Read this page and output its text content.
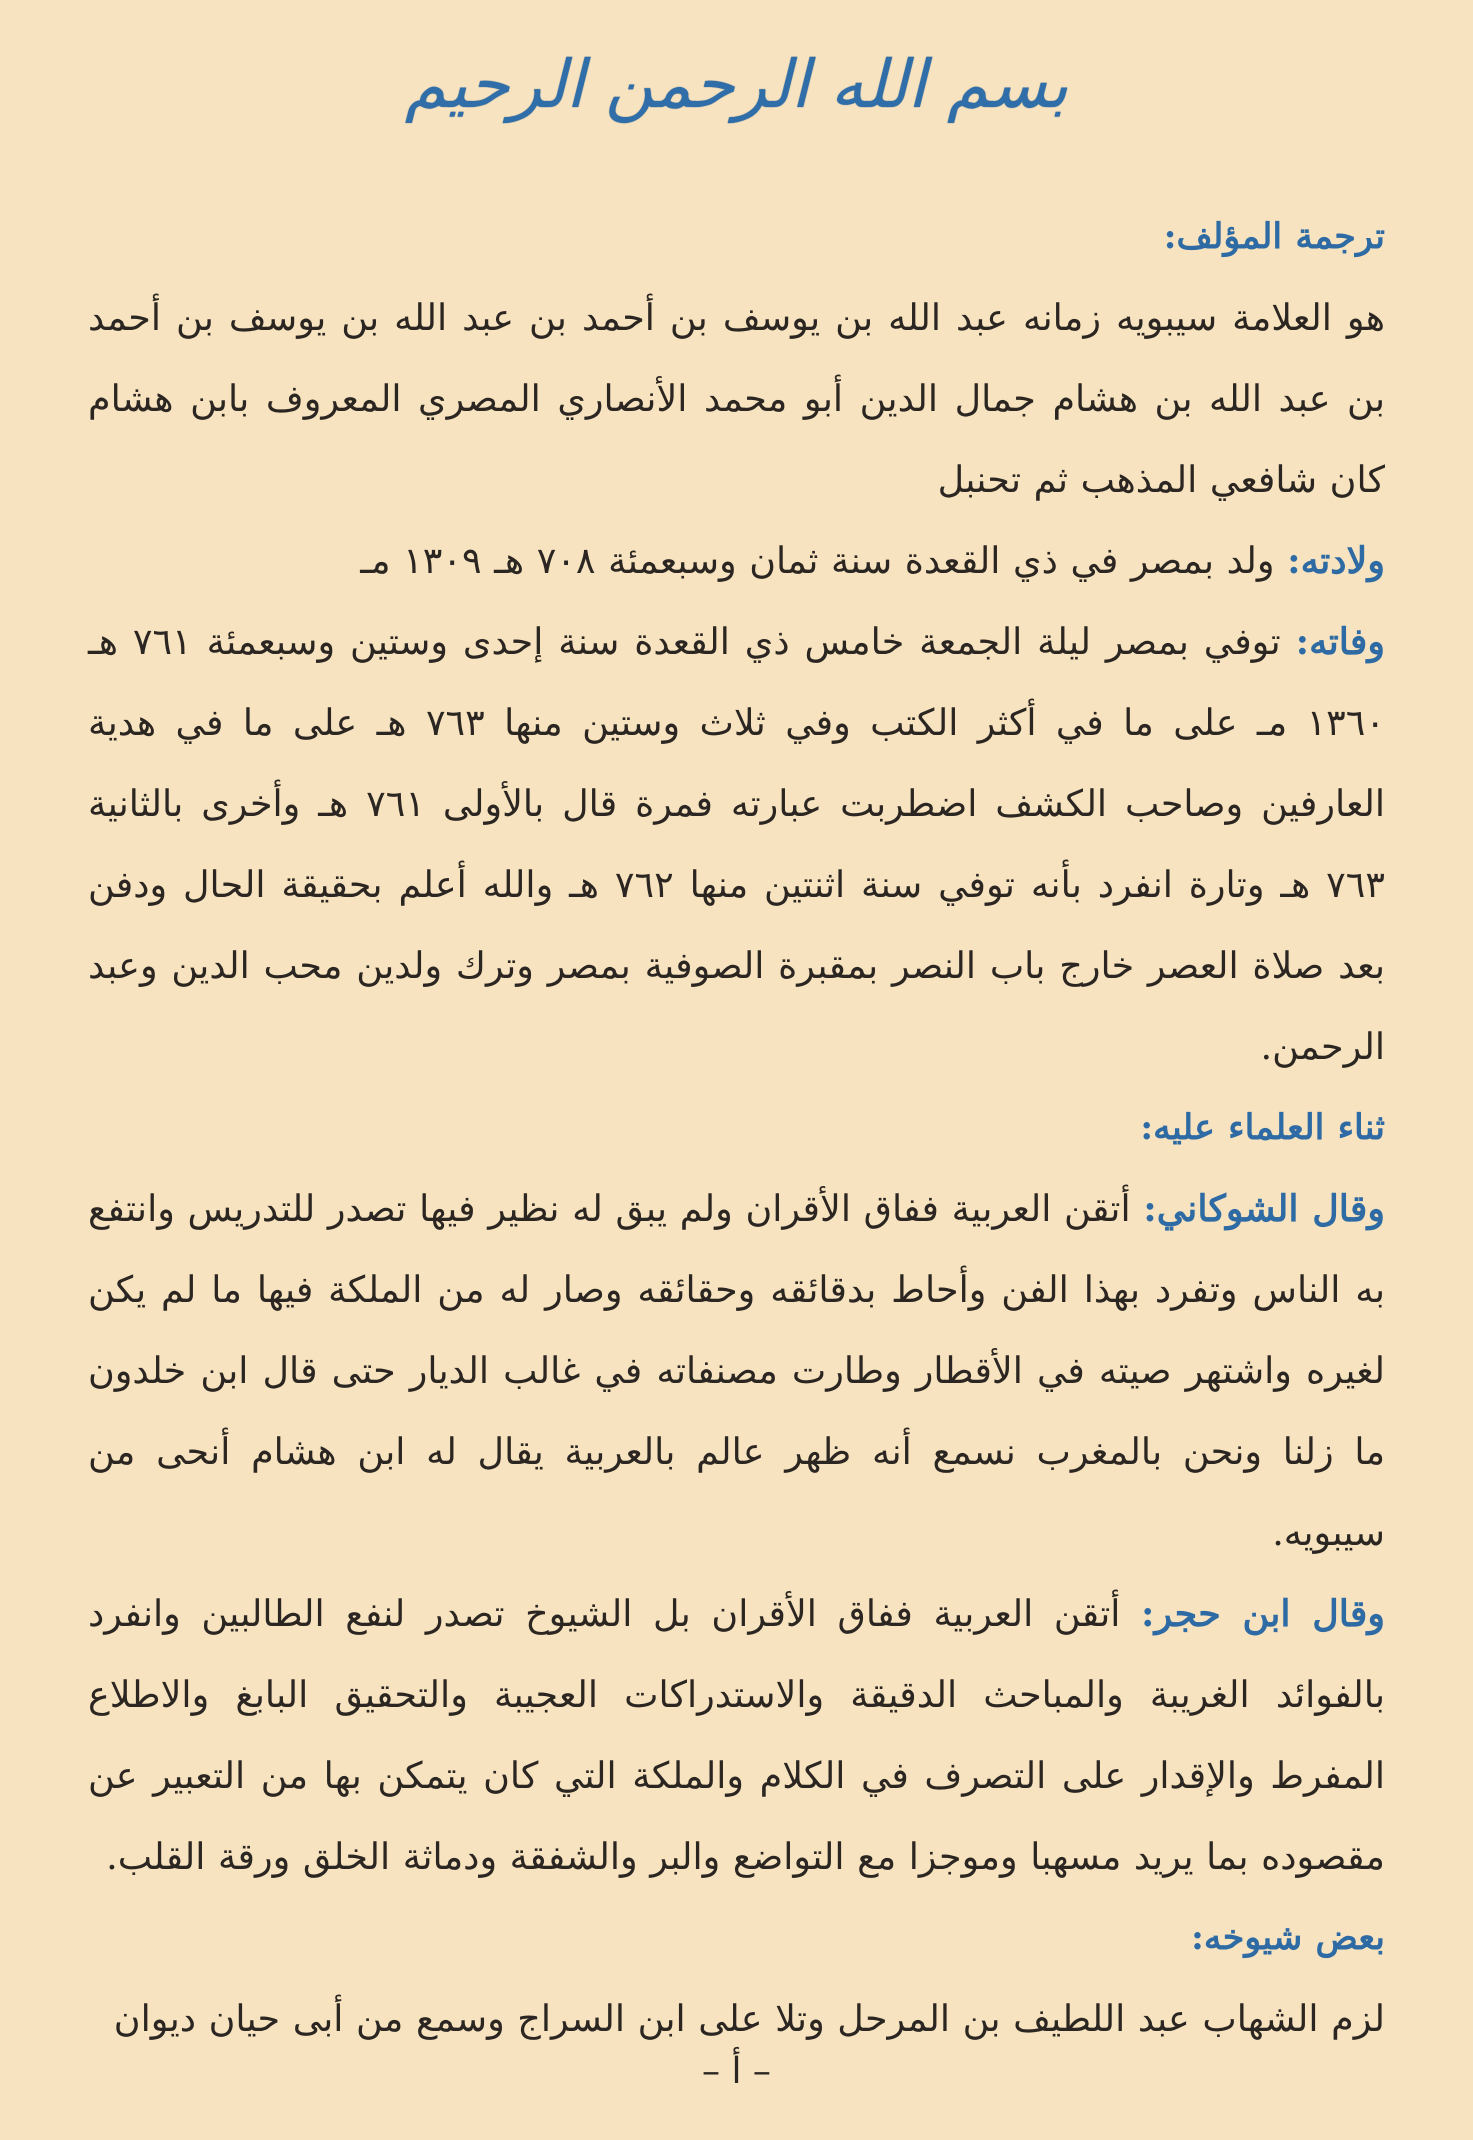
بسم الله الرحمن الرحيم

ترجمة المؤلف:

هو العلامة سيبويه زمانه عبد الله بن يوسف بن أحمد بن عبد الله بن يوسف بن أحمد بن عبد الله بن هشام جمال الدين أبو محمد الأنصاري المصري المعروف بابن هشام كان شافعي المذهب ثم تحنبل

ولادته: ولد بمصر في ذي القعدة سنة ثمان وسبعمئة ٧٠٨ هـ ١٣٠٩ مـ

وفاته: توفي بمصر ليلة الجمعة خامس ذي القعدة سنة إحدى وستين وسبعمئة ٧٦١ هـ ١٣٦٠ مـ على ما في أكثر الكتب وفي ثلاث وستين منها ٧٦٣ هـ على ما في هدية العارفين وصاحب الكشف اضطربت عبارته فمرة قال بالأولى ٧٦١ هـ وأخرى بالثانية ٧٦٣ هـ وتارة انفرد بأنه توفي سنة اثنتين منها ٧٦٢ هـ والله أعلم بحقيقة الحال ودفن بعد صلاة العصر خارج باب النصر بمقبرة الصوفية بمصر وترك ولدين محب الدين وعبد الرحمن.

ثناء العلماء عليه:

وقال الشوكاني: أتقن العربية ففاق الأقران ولم يبق له نظير فيها تصدر للتدريس وانتفع به الناس وتفرد بهذا الفن وأحاط بدقائقه وحقائقه وصار له من الملكة فيها ما لم يكن لغيره واشتهر صيته في الأقطار وطارت مصنفاته في غالب الديار حتى قال ابن خلدون ما زلنا ونحن بالمغرب نسمع أنه ظهر عالم بالعربية يقال له ابن هشام أنحى من سيبويه.

وقال ابن حجر: أتقن العربية ففاق الأقران بل الشيوخ تصدر لنفع الطالبين وانفرد بالفوائد الغريبة والمباحث الدقيقة والاستدراكات العجيبة والتحقيق البابغ والاطلاع المفرط والإقدار على التصرف في الكلام والملكة التي كان يتمكن بها من التعبير عن مقصوده بما يريد مسهبا وموجزا مع التواضع والبر والشفقة ودماثة الخلق ورقة القلب.

بعض شيوخه:

لزم الشهاب عبد اللطيف بن المرحل وتلا على ابن السراج وسمع من أبى حيان ديوان

– أ –
